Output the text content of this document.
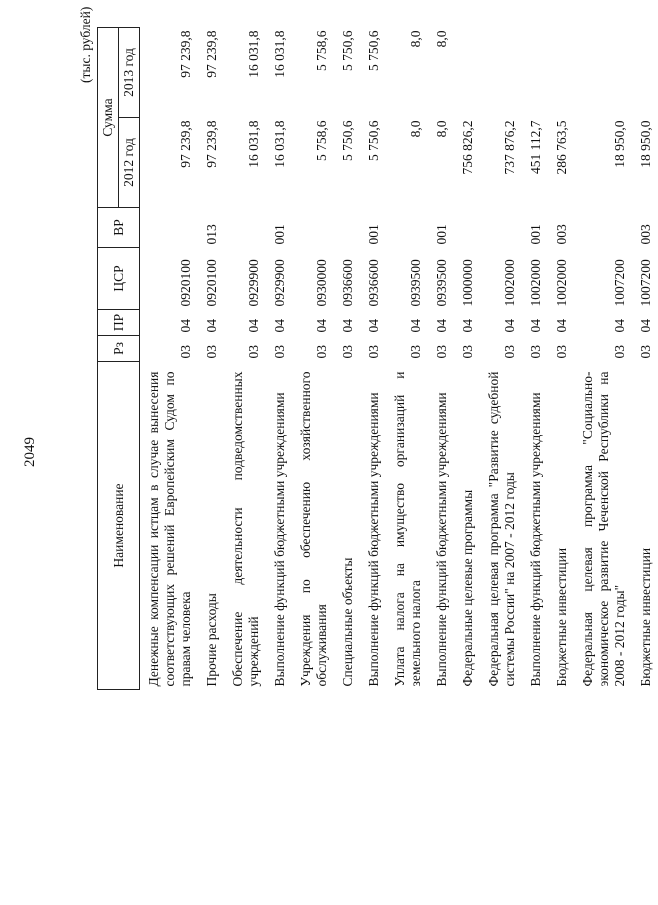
2049
(тыс. рублей)
Наименование	Рз	ПР	ЦСР	ВР	Сумма	
					2012 год	2013 год
Денежные компенсации истцам в случае вынесения соответствующих решений Европейским Судом по правам человека	03	04	0920100		97 239,8	97 239,8
Прочие расходы	03	04	0920100	013	97 239,8	97 239,8
Обеспечение деятельности подведомственных учреждений	03	04	0929900		16 031,8	16 031,8
Выполнение функций бюджетными учреждениями	03	04	0929900	001	16 031,8	16 031,8
Учреждения по обеспечению хозяйственного обслуживания	03	04	0930000		5 758,6	5 758,6
Специальные объекты	03	04	0936600		5 750,6	5 750,6
Выполнение функций бюджетными учреждениями	03	04	0936600	001	5 750,6	5 750,6
Уплата налога на имущество организаций и земельного налога	03	04	0939500		8,0	8,0
Выполнение функций бюджетными учреждениями	03	04	0939500	001	8,0	8,0
Федеральные целевые программы	03	04	1000000		756 826,2	
Федеральная целевая программа "Развитие судебной системы России" на 2007 - 2012 годы	03	04	1002000		737 876,2	
Выполнение функций бюджетными учреждениями	03	04	1002000	001	451 112,7	
Бюджетные инвестиции	03	04	1002000	003	286 763,5	
Федеральная целевая программа "Социально-экономическое развитие Чеченской Республики на 2008 - 2012 годы"	03	04	1007200		18 950,0	
Бюджетные инвестиции	03	04	1007200	003	18 950,0	
